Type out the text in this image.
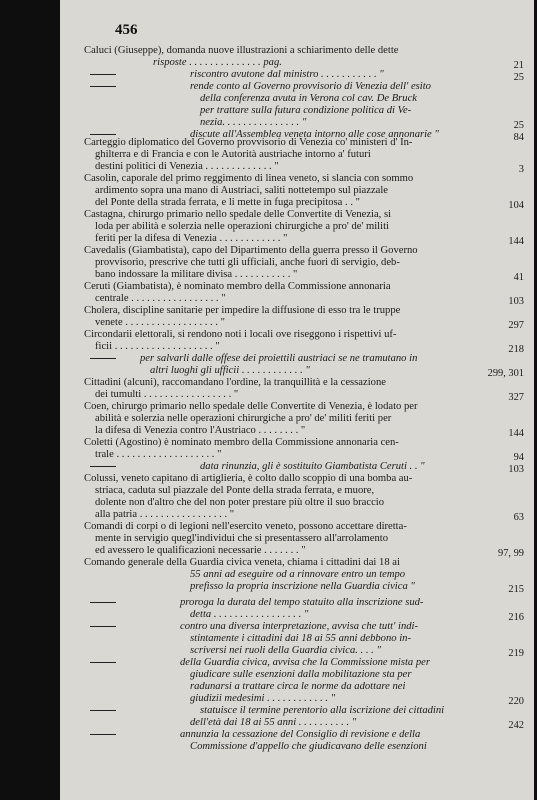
456
Caluci (Giuseppe), domanda nuove illustrazioni a schiarimento delle dette
risposte . . . . . . . . . . . . . . pag.
riscontro avutone dal ministro . . . . . . . . . . . "
rende conto al Governo provvisorio di Venezia dell' esito
della conferenza avuta in Verona col cav. De Bruck
per trattare sulla futura condizione politica di Ve-
nezia. . . . . . . . . . . . . . . "
discute all'Assemblea veneta intorno alle cose annonarie "
Carteggio diplomatico del Governo provvisorio di Venezia co' ministeri d' In-
ghilterra e di Francia e con le Autorità austriache intorno a' futuri
destini politici di Venezia . . . . . . . . . . . . . "
Casolin, caporale del primo reggimento di linea veneto, si slancia con sommo
ardimento sopra una mano di Austriaci, saliti nottetempo sul piazzale
del Ponte della strada ferrata, e li mette in fuga precipitosa . . "
Castagna, chirurgo primario nello spedale delle Convertite di Venezia, si
loda per abilità e solerzia nelle operazioni chirurgiche a pro' de' militi
feriti per la difesa di Venezia . . . . . . . . . . . . "
Cavedalis (Giambatista), capo del Dipartimento della guerra presso il Governo
provvisorio, prescrive che tutti gli ufficiali, anche fuori di servigio, deb-
bano indossare la militare divisa . . . . . . . . . . . "
Ceruti (Giambatista), è nominato membro della Commissione annonaria
centrale . . . . . . . . . . . . . . . . . "
Cholera, discipline sanitarie per impedire la diffusione di esso tra le truppe
venete . . . . . . . . . . . . . . . . . . "
Circondarii elettorali, si rendono noti i locali ove riseggono i rispettivi uf-
ficii . . . . . . . . . . . . . . . . . . . "
per salvarli dalle offese dei proiettili austriaci se ne tramutano in
altri luoghi gli ufficii . . . . . . . . . . . . "
Cittadini (alcuni), raccomandano l'ordine, la tranquillità e la cessazione
dei tumulti . . . . . . . . . . . . . . . . . "
Coen, chirurgo primario nello spedale delle Convertite di Venezia, è lodato per
abilità e solerzia nelle operazioni chirurgiche a pro' de' militi feriti per
la difesa di Venezia contro l'Austriaco . . . . . . . . "
Coletti (Agostino) è nominato membro della Commissione annonaria cen-
trale . . . . . . . . . . . . . . . . . . . "
data rinunzia, gli è sostituito Giambatista Ceruti . . "
Colussi, veneto capitano di artiglieria, è colto dallo scoppio di una bomba au-
striaca, caduta sul piazzale del Ponte della strada ferrata, e muore,
dolente non d'altro che del non poter prestare più oltre il suo braccio
alla patria . . . . . . . . . . . . . . . . . "
Comandi di corpi o di legioni nell'esercito veneto, possono accettare diretta-
mente in servigio quegl'individui che si presentassero all'arrolamento
ed avessero le qualificazioni necessarie . . . . . . . "
Comando generale della Guardia civica veneta, chiama i cittadini dai 18 ai
55 anni ad eseguire od a rinnovare entro un tempo
prefisso la propria inscrizione nella Guardia civica "
proroga la durata del tempo statuito alla inscrizione sud-
detta . . . . . . . . . . . . . . . . . "
contro una diversa interpretazione, avvisa che tutt' indi-
stintamente i cittadini dai 18 ai 55 anni debbono in-
scriversi nei ruoli della Guardia civica. . . . "
della Guardia civica, avvisa che la Commissione mista per
giudicare sulle esenzioni dalla mobilitazione sta per
radunarsi a trattare circa le norme da adottare nei
giudizii medesimi . . . . . . . . . . . . "
statuisce il termine perentorio alla iscrizione dei cittadini
dell'età dai 18 ai 55 anni . . . . . . . . . . "
annunzia la cessazione del Consiglio di revisione e della
Commissione d'appello che giudicavano delle esenzioni
21
25
25
84
3
104
144
41
103
297
218
299, 301
327
144
94
103
63
97, 99
215
216
219
220
242
